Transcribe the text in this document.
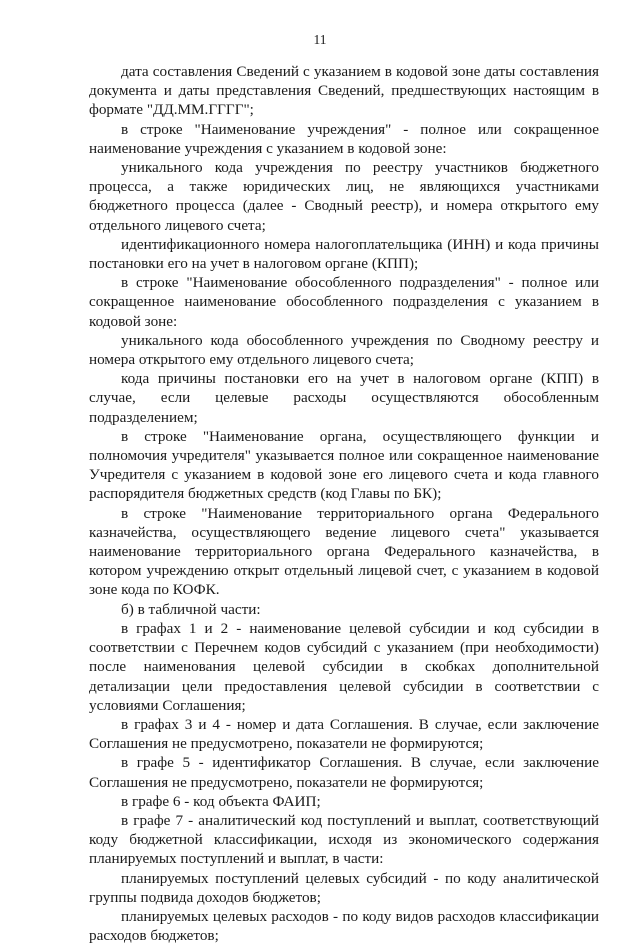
11

дата составления Сведений с указанием в кодовой зоне даты составления документа и даты представления Сведений, предшествующих настоящим в формате "ДД.ММ.ГГГГ";

в строке "Наименование учреждения" - полное или сокращенное наименование учреждения с указанием в кодовой зоне:

уникального кода учреждения по реестру участников бюджетного процесса, а также юридических лиц, не являющихся участниками бюджетного процесса (далее - Сводный реестр), и номера открытого ему отдельного лицевого счета;

идентификационного номера налогоплательщика (ИНН) и кода причины постановки его на учет в налоговом органе (КПП);

в строке "Наименование обособленного подразделения" - полное или сокращенное наименование обособленного подразделения с указанием в кодовой зоне:

уникального кода обособленного учреждения по Сводному реестру и номера открытого ему отдельного лицевого счета;

кода причины постановки его на учет в налоговом органе (КПП) в случае, если целевые расходы осуществляются обособленным подразделением;

в строке "Наименование органа, осуществляющего функции и полномочия учредителя" указывается полное или сокращенное наименование Учредителя с указанием в кодовой зоне его лицевого счета и кода главного распорядителя бюджетных средств (код Главы по БК);

в строке "Наименование территориального органа Федерального казначейства, осуществляющего ведение лицевого счета" указывается наименование территориального органа Федерального казначейства, в котором учреждению открыт отдельный лицевой счет, с указанием в кодовой зоне кода по КОФК.

б) в табличной части:

в графах 1 и 2 - наименование целевой субсидии и код субсидии в соответствии с Перечнем кодов субсидий с указанием (при необходимости) после наименования целевой субсидии в скобках дополнительной детализации цели предоставления целевой субсидии в соответствии с условиями Соглашения;

в графах 3 и 4 - номер и дата Соглашения. В случае, если заключение Соглашения не предусмотрено, показатели не формируются;

в графе 5 - идентификатор Соглашения. В случае, если заключение Соглашения не предусмотрено, показатели не формируются;

в графе 6 - код объекта ФАИП;

в графе 7 - аналитический код поступлений и выплат, соответствующий коду бюджетной классификации, исходя из экономического содержания планируемых поступлений и выплат, в части:

планируемых поступлений целевых субсидий - по коду аналитической группы подвида доходов бюджетов;

планируемых целевых расходов - по коду видов расходов классификации расходов бюджетов;
